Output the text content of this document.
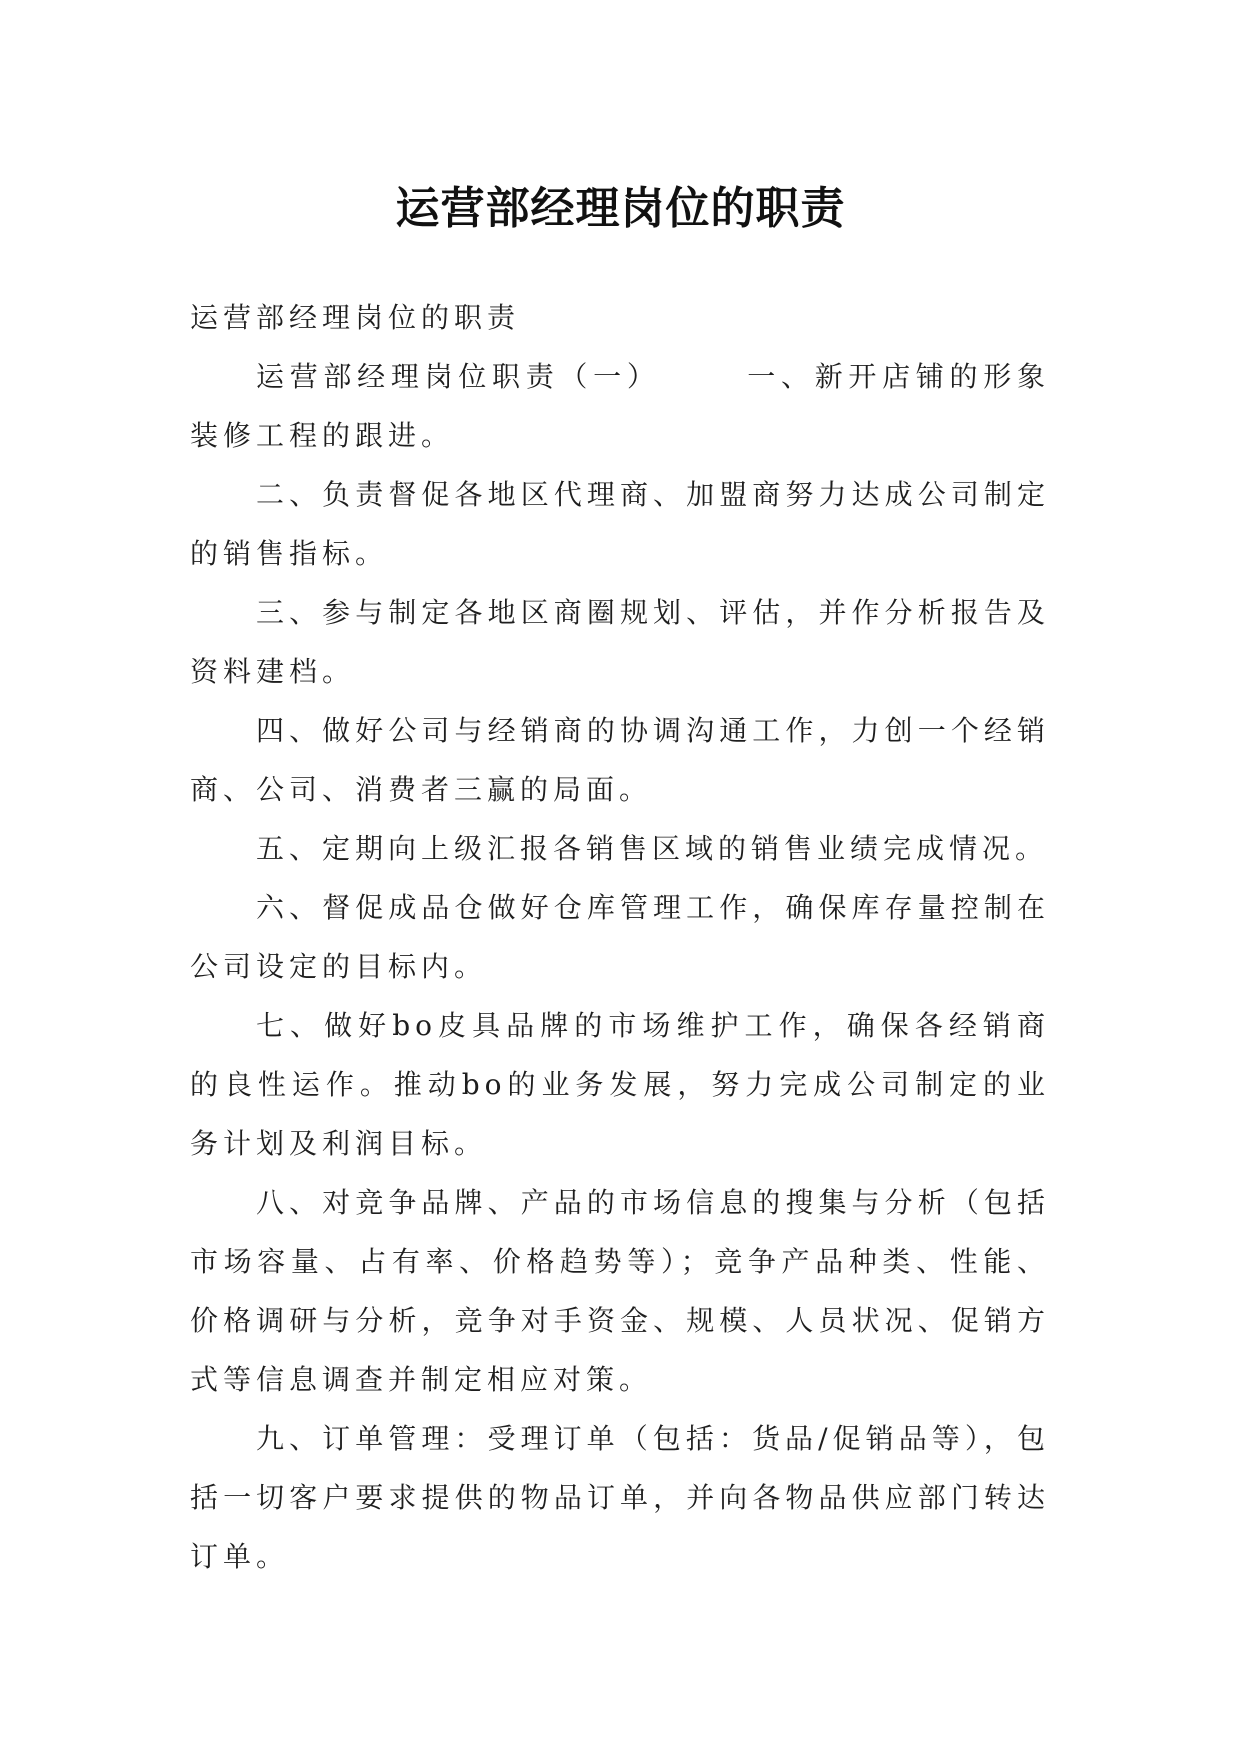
运营部经理岗位的职责

运营部经理岗位的职责

运营部经理岗位职责（一）	一、新开店铺的形象装修工程的跟进。

二、负责督促各地区代理商、加盟商努力达成公司制定的销售指标。

三、参与制定各地区商圈规划、评估，并作分析报告及资料建档。

四、做好公司与经销商的协调沟通工作，力创一个经销商、公司、消费者三赢的局面。

五、定期向上级汇报各销售区域的销售业绩完成情况。

六、督促成品仓做好仓库管理工作，确保库存量控制在公司设定的目标内。

七、做好bo皮具品牌的市场维护工作，确保各经销商的良性运作。推动bo的业务发展，努力完成公司制定的业务计划及利润目标。

八、对竞争品牌、产品的市场信息的搜集与分析（包括市场容量、占有率、价格趋势等）；竞争产品种类、性能、价格调研与分析，竞争对手资金、规模、人员状况、促销方式等信息调查并制定相应对策。

九、订单管理：受理订单（包括：货品/促销品等），包括一切客户要求提供的物品订单，并向各物品供应部门转达订单。
